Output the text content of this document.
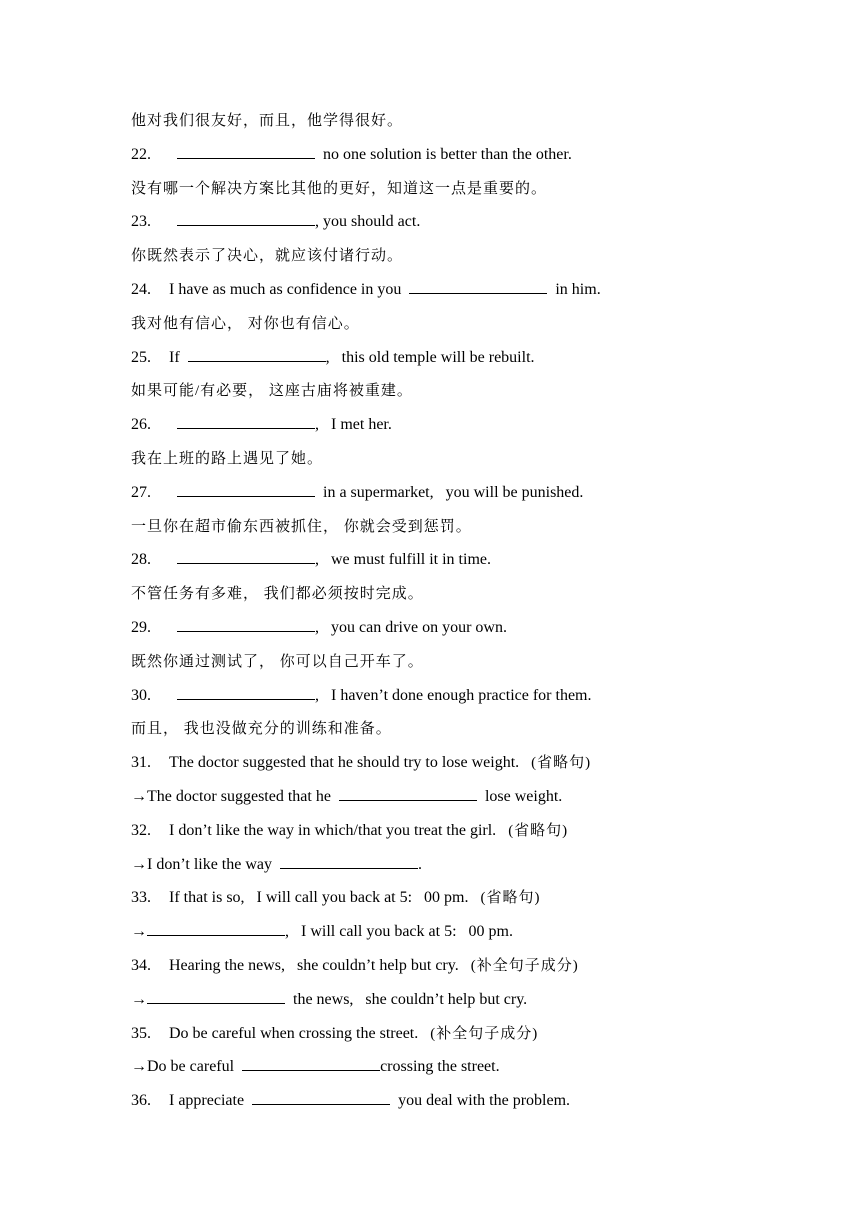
他对我们很友好，而且，他学得很好。
22.	no one solution is better than the other.
没有哪一个解决方案比其他的更好，知道这一点是重要的。
23.	, you should act.
你既然表示了决心，就应该付诸行动。
24. I have as much as confidence in you	in him.
我对他有信心， 对你也有信心。
25. If	,   this old temple will be rebuilt.
如果可能/有必要， 这座古庙将被重建。
26.	,   I met her.
我在上班的路上遇见了她。
27.	in a supermarket,   you will be punished.
一旦你在超市偷东西被抓住， 你就会受到惩罚。
28.	,   we must fulfill it in time.
不管任务有多难， 我们都必须按时完成。
29.	,   you can drive on your own.
既然你通过测试了， 你可以自己开车了。
30.	,   I haven’t done enough practice for them.
而且， 我也没做充分的训练和准备。
31. The doctor suggested that he should try to lose weight. (省略句)
→The doctor suggested that he	lose weight.
32. I don’t like the way in which/that you treat the girl. (省略句)
→I don’t like the way	.
33. If that is so,   I will call you back at 5:   00 pm. (省略句)
→	,   I will call you back at 5:   00 pm.
34. Hearing the news,   she couldn’t help but cry. (补全句子成分)
→	the news,   she couldn’t help but cry.
35. Do be careful when crossing the street. (补全句子成分)
→Do be careful	crossing the street.
36. I appreciate	you deal with the problem.
